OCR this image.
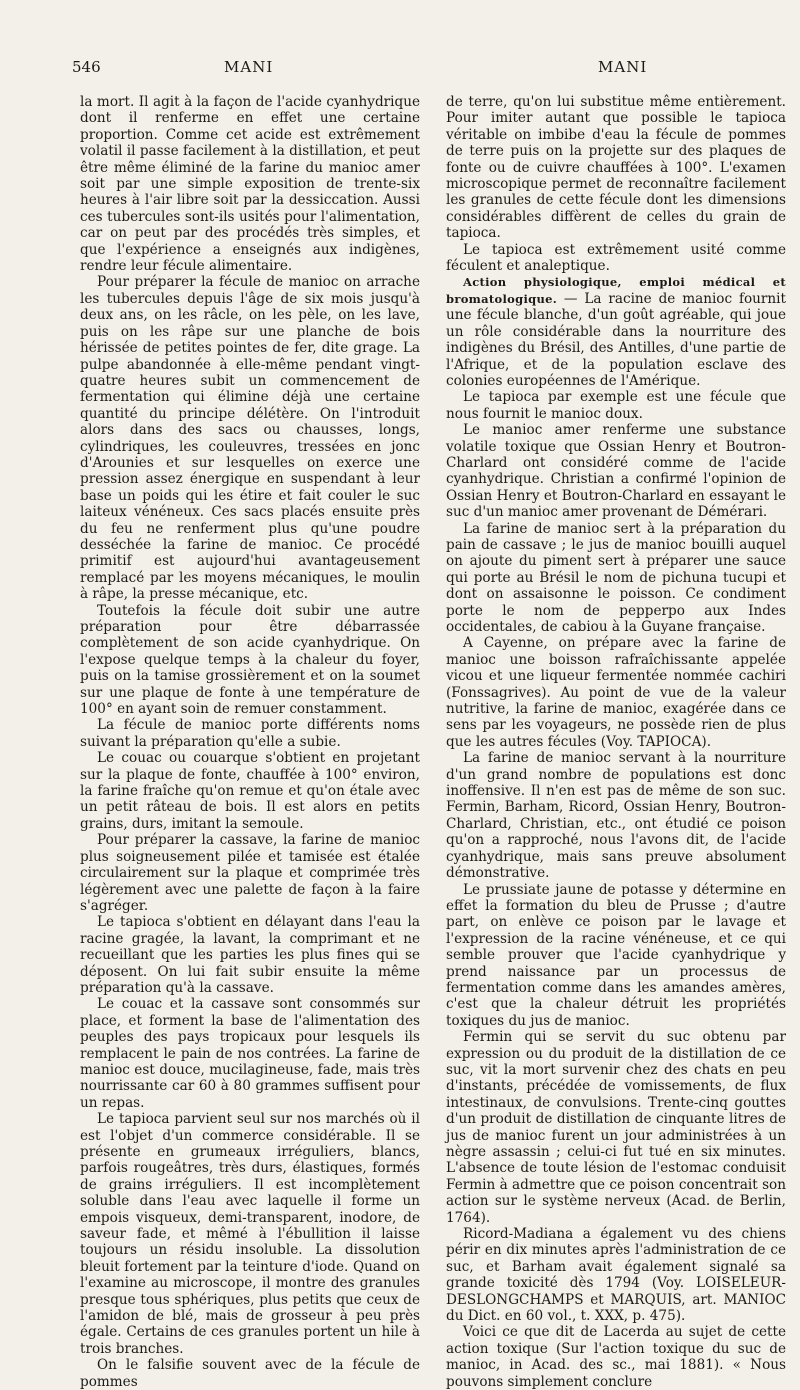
546	MANI	MANI

la mort. Il agit à la façon de l'acide cyanhydrique dont il renferme en effet une certaine proportion. Comme cet acide est extrêmement volatil il passe facilement à la distillation, et peut être même éliminé de la farine du manioc amer soit par une simple exposition de trente-six heures à l'air libre soit par la dessiccation. Aussi ces tubercules sont-ils usités pour l'alimentation, car on peut par des procédés très simples, et que l'expérience a enseignés aux indigènes, rendre leur fécule alimentaire.

Pour préparer la fécule de manioc on arrache les tubercules depuis l'âge de six mois jusqu'à deux ans, on les râcle, on les pèle, on les lave, puis on les râpe sur une planche de bois hérissée de petites pointes de fer, dite grage. La pulpe abandonnée à elle-même pendant vingt-quatre heures subit un commencement de fermentation qui élimine déjà une certaine quantité du principe délétère. On l'introduit alors dans des sacs ou chausses, longs, cylindriques, les couleuvres, tressées en jonc d'Arounies et sur lesquelles on exerce une pression assez énergique en suspendant à leur base un poids qui les étire et fait couler le suc laiteux vénéneux. Ces sacs placés ensuite près du feu ne renferment plus qu'une poudre desséchée la farine de manioc. Ce procédé primitif est aujourd'hui avantageusement remplacé par les moyens mécaniques, le moulin à râpe, la presse mécanique, etc.

Toutefois la fécule doit subir une autre préparation pour être débarrassée complètement de son acide cyanhydrique. On l'expose quelque temps à la chaleur du foyer, puis on la tamise grossièrement et on la soumet sur une plaque de fonte à une température de 100° en ayant soin de remuer constamment.

La fécule de manioc porte différents noms suivant la préparation qu'elle a subie.

Le couac ou couarque s'obtient en projetant sur la plaque de fonte, chauffée à 100° environ, la farine fraîche qu'on remue et qu'on étale avec un petit râteau de bois. Il est alors en petits grains, durs, imitant la semoule.

Pour préparer la cassave, la farine de manioc plus soigneusement pilée et tamisée est étalée circulairement sur la plaque et comprimée très légèrement avec une palette de façon à la faire s'agréger.

Le tapioca s'obtient en délayant dans l'eau la racine gragée, la lavant, la comprimant et ne recueillant que les parties les plus fines qui se déposent. On lui fait subir ensuite la même préparation qu'à la cassave.

Le couac et la cassave sont consommés sur place, et forment la base de l'alimentation des peuples des pays tropicaux pour lesquels ils remplacent le pain de nos contrées. La farine de manioc est douce, mucilagineuse, fade, mais très nourrissante car 60 à 80 grammes suffisent pour un repas.

Le tapioca parvient seul sur nos marchés où il est l'objet d'un commerce considérable. Il se présente en grumeaux irréguliers, blancs, parfois rougeâtres, très durs, élastiques, formés de grains irréguliers. Il est incomplètement soluble dans l'eau avec laquelle il forme un empois visqueux, demi-transparent, inodore, de saveur fade, et mêmé à l'ébullition il laisse toujours un résidu insoluble. La dissolution bleuit fortement par la teinture d'iode. Quand on l'examine au microscope, il montre des granules presque tous sphériques, plus petits que ceux de l'amidon de blé, mais de grosseur à peu près égale. Certains de ces granules portent un hile à trois branches.

On le falsifie souvent avec de la fécule de pommes

de terre, qu'on lui substitue même entièrement. Pour imiter autant que possible le tapioca véritable on imbibe d'eau la fécule de pommes de terre puis on la projette sur des plaques de fonte ou de cuivre chauffées à 100°. L'examen microscopique permet de reconnaître facilement les granules de cette fécule dont les dimensions considérables diffèrent de celles du grain de tapioca.

Le tapioca est extrêmement usité comme féculent et analeptique.

Action physiologique, emploi médical et bromatologique. — La racine de manioc fournit une fécule blanche, d'un goût agréable, qui joue un rôle considérable dans la nourriture des indigènes du Brésil, des Antilles, d'une partie de l'Afrique, et de la population esclave des colonies européennes de l'Amérique.

Le tapioca par exemple est une fécule que nous fournit le manioc doux.

Le manioc amer renferme une substance volatile toxique que Ossian Henry et Boutron-Charlard ont considéré comme de l'acide cyanhydrique. Christian a confirmé l'opinion de Ossian Henry et Boutron-Charlard en essayant le suc d'un manioc amer provenant de Démérari.

La farine de manioc sert à la préparation du pain de cassave ; le jus de manioc bouilli auquel on ajoute du piment sert à préparer une sauce qui porte au Brésil le nom de pichuna tucupi et dont on assaisonne le poisson. Ce condiment porte le nom de pepperpo aux Indes occidentales, de cabiou à la Guyane française.

A Cayenne, on prépare avec la farine de manioc une boisson rafraîchissante appelée vicou et une liqueur fermentée nommée cachiri (Fonssagrives). Au point de vue de la valeur nutritive, la farine de manioc, exagérée dans ce sens par les voyageurs, ne possède rien de plus que les autres fécules (Voy. TAPIOCA).

La farine de manioc servant à la nourriture d'un grand nombre de populations est donc inoffensive. Il n'en est pas de même de son suc. Fermin, Barham, Ricord, Ossian Henry, Boutron-Charlard, Christian, etc., ont étudié ce poison qu'on a rapproché, nous l'avons dit, de l'acide cyanhydrique, mais sans preuve absolument démonstrative.

Le prussiate jaune de potasse y détermine en effet la formation du bleu de Prusse ; d'autre part, on enlève ce poison par le lavage et l'expression de la racine vénéneuse, et ce qui semble prouver que l'acide cyanhydrique y prend naissance par un processus de fermentation comme dans les amandes amères, c'est que la chaleur détruit les propriétés toxiques du jus de manioc.

Fermin qui se servit du suc obtenu par expression ou du produit de la distillation de ce suc, vit la mort survenir chez des chats en peu d'instants, précédée de vomissements, de flux intestinaux, de convulsions. Trente-cinq gouttes d'un produit de distillation de cinquante litres de jus de manioc furent un jour administrées à un nègre assassin ; celui-ci fut tué en six minutes. L'absence de toute lésion de l'estomac conduisit Fermin à admettre que ce poison concentrait son action sur le système nerveux (Acad. de Berlin, 1764).

Ricord-Madiana a également vu des chiens périr en dix minutes après l'administration de ce suc, et Barham avait également signalé sa grande toxicité dès 1794 (Voy. LOISELEUR-DESLONGCHAMPS et MARQUIS, art. MANIOC du Dict. en 60 vol., t. XXX, p. 475).

Voici ce que dit de Lacerda au sujet de cette action toxique (Sur l'action toxique du suc de manioc, in Acad. des sc., mai 1881). « Nous pouvons simplement conclure
